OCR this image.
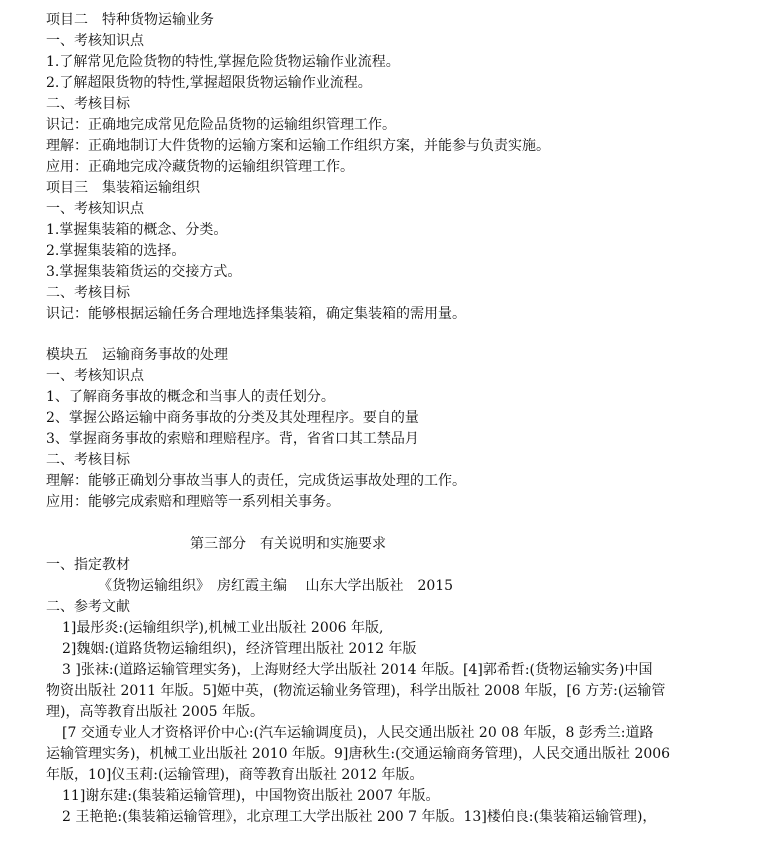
项目二　特种货物运输业务
一、考核知识点
1.了解常见危险货物的特性,掌握危险货物运输作业流程。
2.了解超限货物的特性,掌握超限货物运输作业流程。
二、考核目标
识记：正确地完成常见危险品货物的运输组织管理工作。
理解：正确地制订大件货物的运输方案和运输工作组织方案，并能参与负责实施。
应用：正确地完成冷藏货物的运输组织管理工作。
项目三　集装箱运输组织
一、考核知识点
1.掌握集装箱的概念、分类。
2.掌握集装箱的选择。
3.掌握集装箱货运的交接方式。
二、考核目标
识记：能够根据运输任务合理地选择集装箱，确定集装箱的需用量。
模块五　运输商务事故的处理
一、考核知识点
1、了解商务事故的概念和当事人的责任划分。
2、掌握公路运输中商务事故的分类及其处理程序。要自的量
3、掌握商务事故的索赔和理赔程序。背，省省口其工禁品月
二、考核目标
理解：能够正确划分事故当事人的责任，完成货运事故处理的工作。
应用：能够完成索赔和理赔等一系列相关事务。
第三部分　有关说明和实施要求
一、指定教材
《货物运输组织》　房红霞主编　 山东大学出版社　2015
二、参考文献
1]最彤炎:(运输组织学),机械工业出版社 2006 年版,
2]魏姻:(道路货物运输组织)，经济管理出版社 2012 年版
3 ]张袜:(道路运输管理实务)，上海财经大学出版社 2014 年版。[4]郭希哲:(货物运输实务)中国
物资出版社 2011 年版。5]姬中英，(物流运输业务管理)，科学出版社 2008 年版，[6 方芳:(运输管
理)，高等教育出版社 2005 年版。
[7 交通专业人才资格评价中心:(汽车运输调度员)，人民交通出版社 20 08 年版，8 彭秀兰:道路
运输管理实务)，机械工业出版社 2010 年版。9]唐秋生:(交通运输商务管理)，人民交通出版社 2006
年版，10]仪玉莉:(运输管理)，商等教育出版社 2012 年版。
11]谢东建:(集装箱运输管理)，中国物资出版社 2007 年版。
2 王艳艳:(集装箱运输管理》，北京理工大学出版社 200 7 年版。13]楼伯良:(集装箱运输管理)，
